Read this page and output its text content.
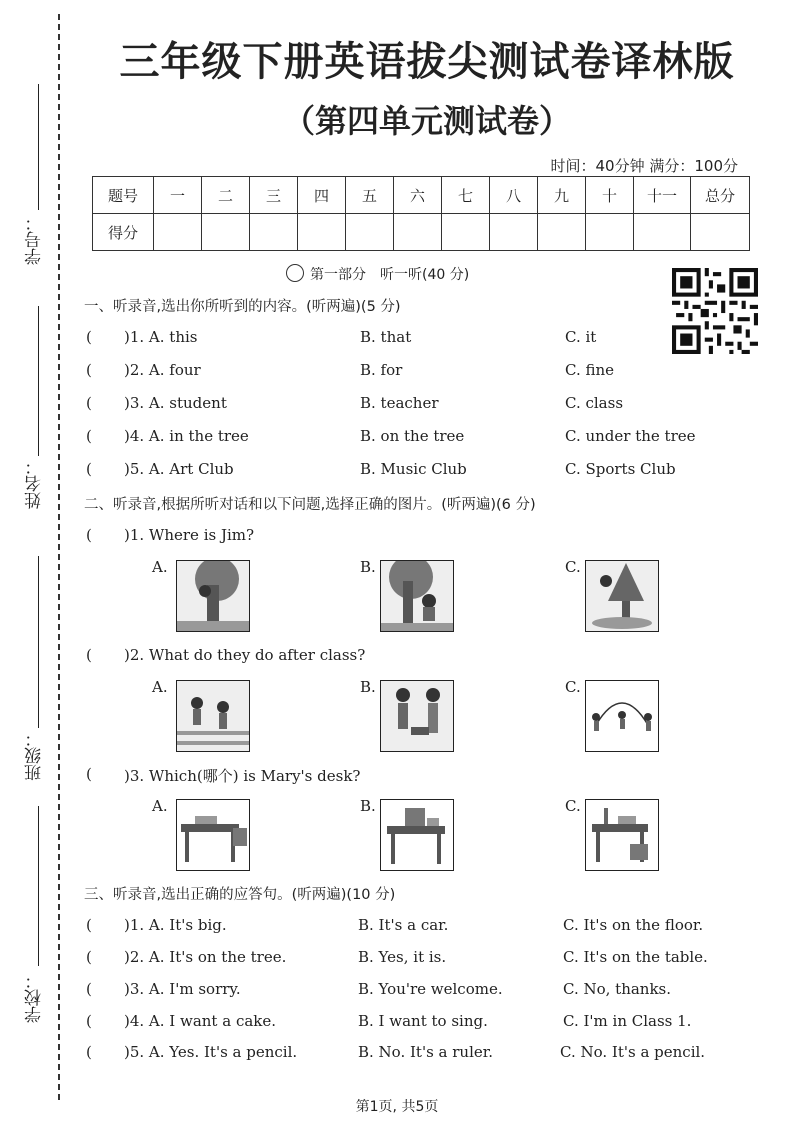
学号：
姓名：
班级：
学校：
三年级下册英语拔尖测试卷译林版
（第四单元测试卷）
时间：40分钟 满分：100分
题号	一	二	三	四	五	六	七	八	九	十	十一	总分
得分												
第一部分　听一听(40 分)
一、听录音,选出你所听到的内容。(听两遍)(5 分)
( )1. A. this	B. that	C. it
( )2. A. four	B. for	C. fine
( )3. A. student	B. teacher	C. class
( )4. A. in the tree	B. on the tree	C. under the tree
( )5. A. Art Club	B. Music Club	C. Sports Club
二、听录音,根据所听对话和以下问题,选择正确的图片。(听两遍)(6 分)
( )1. Where is Jim?
A.	B.	C.
( )2. What do they do after class?
A.	B.	C.
( )3. Which(哪个) is Mary's desk?
A.	B.	C.
三、听录音,选出正确的应答句。(听两遍)(10 分)
( )1. A. It's big.	B. It's a car.	C. It's on the floor.
( )2. A. It's on the tree.	B. Yes, it is.	C. It's on the table.
( )3. A. I'm sorry.	B. You're welcome.	C. No, thanks.
( )4. A. I want a cake.	B. I want to sing.	C. I'm in Class 1.
( )5. A. Yes. It's a pencil.	B. No. It's a ruler.	C. No. It's a pencil.
第1页, 共5页
